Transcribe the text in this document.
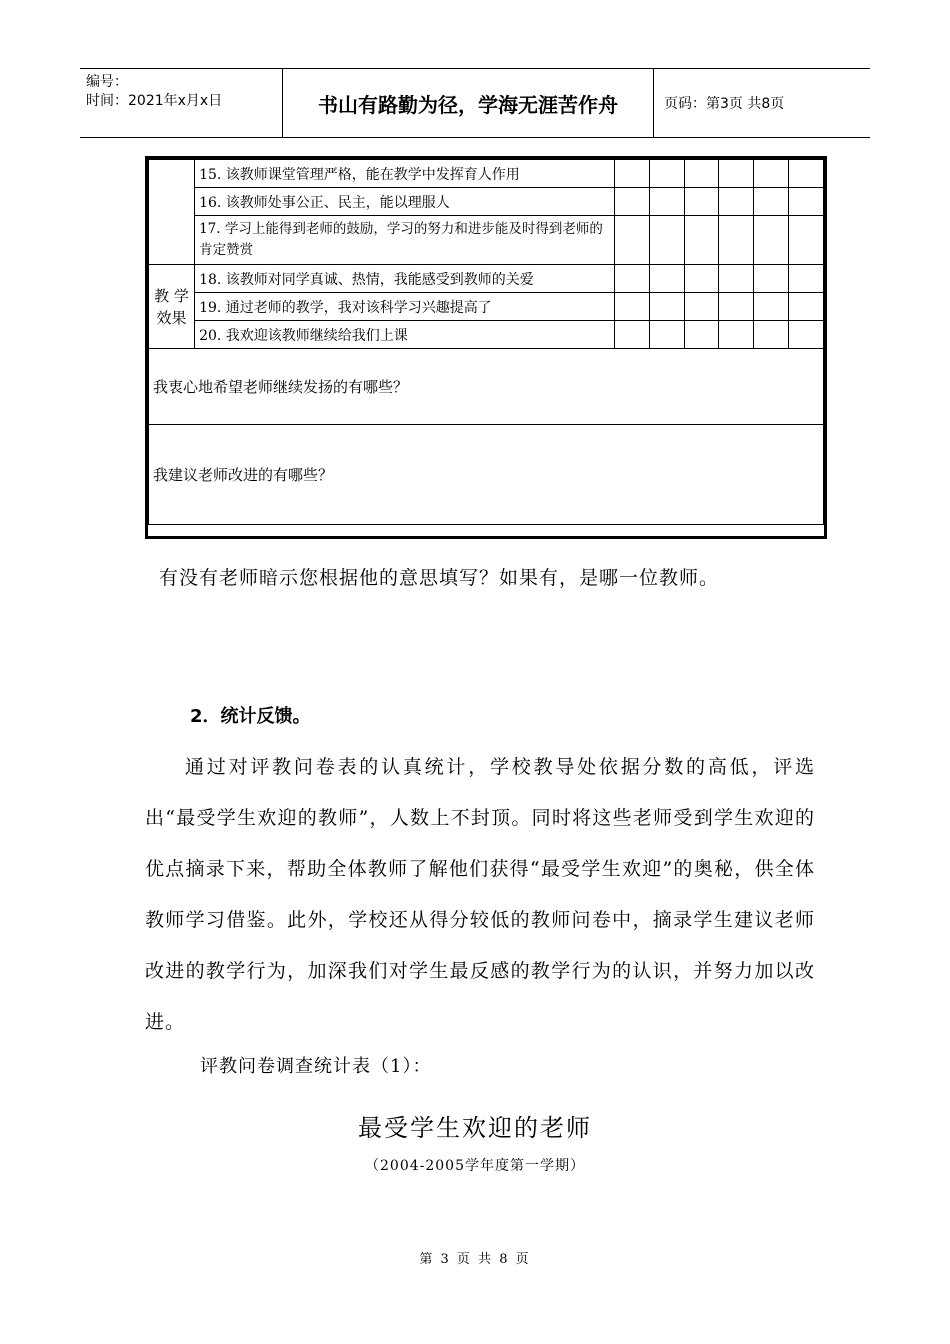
编号：
时间：2021年x月x日	书山有路勤为径，学海无涯苦作舟	页码：第3页 共8页
	15. 该教师课堂管理严格，能在教学中发挥育人作用						
	16. 该教师处事公正、民主，能以理服人						
	17. 学习上能得到老师的鼓励，学习的努力和进步能及时得到老师的肯定赞赏						
教 学 效果	18. 该教师对同学真诚、热情，我能感受到教师的关爱						
	19. 通过老师的教学，我对该科学习兴趣提高了						
	20. 我欢迎该教师继续给我们上课						
我衷心地希望老师继续发扬的有哪些？							
我建议老师改进的有哪些？							
有没有老师暗示您根据他的意思填写？如果有，是哪一位教师。
2．统计反馈。
通过对评教问卷表的认真统计，学校教导处依据分数的高低，评选出“最受学生欢迎的教师”，人数上不封顶。同时将这些老师受到学生欢迎的优点摘录下来，帮助全体教师了解他们获得“最受学生欢迎”的奥秘，供全体教师学习借鉴。此外，学校还从得分较低的教师问卷中，摘录学生建议老师改进的教学行为，加深我们对学生最反感的教学行为的认识，并努力加以改进。
评教问卷调查统计表（1）：
最受学生欢迎的老师
（2004-2005学年度第一学期）
第 3 页 共 8 页
